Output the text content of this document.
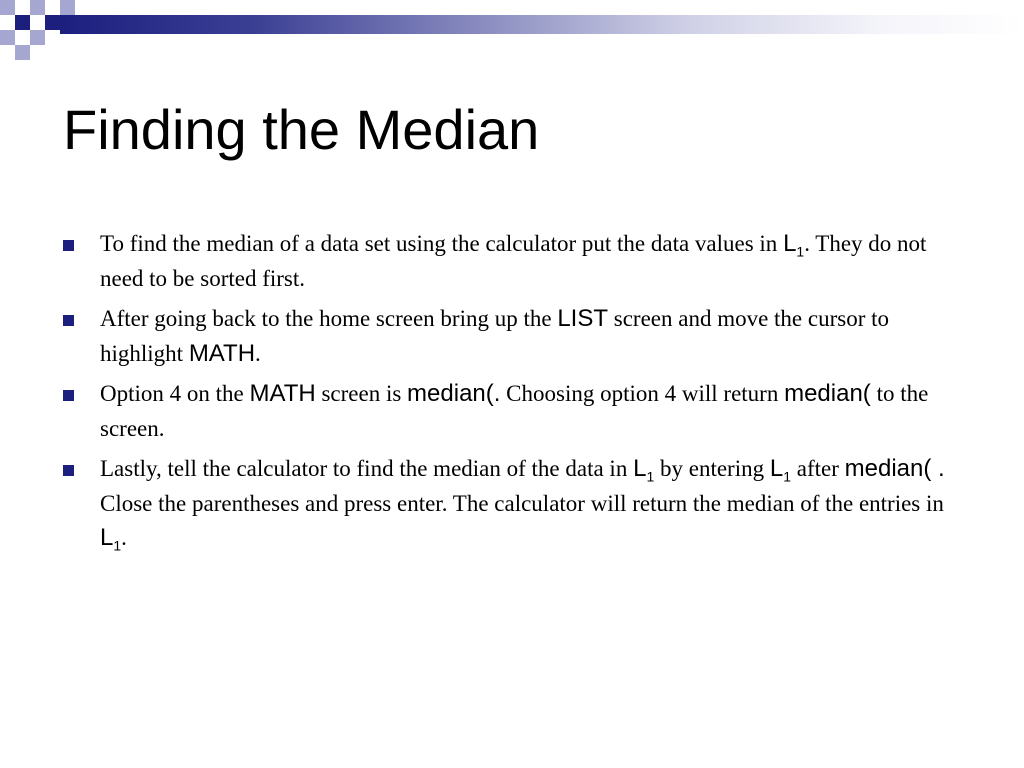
Finding the Median
To find the median of a data set using the calculator put the data values in $L_1$. They do not need to be sorted first.
After going back to the home screen bring up the LIST screen and move the cursor to highlight MATH.
Option 4 on the MATH screen is median(. Choosing option 4 will return median( to the screen.
Lastly, tell the calculator to find the median of the data in $L_1$ by entering $L_1$ after median( . Close the parentheses and press enter. The calculator will return the median of the entries in $L_1$.
